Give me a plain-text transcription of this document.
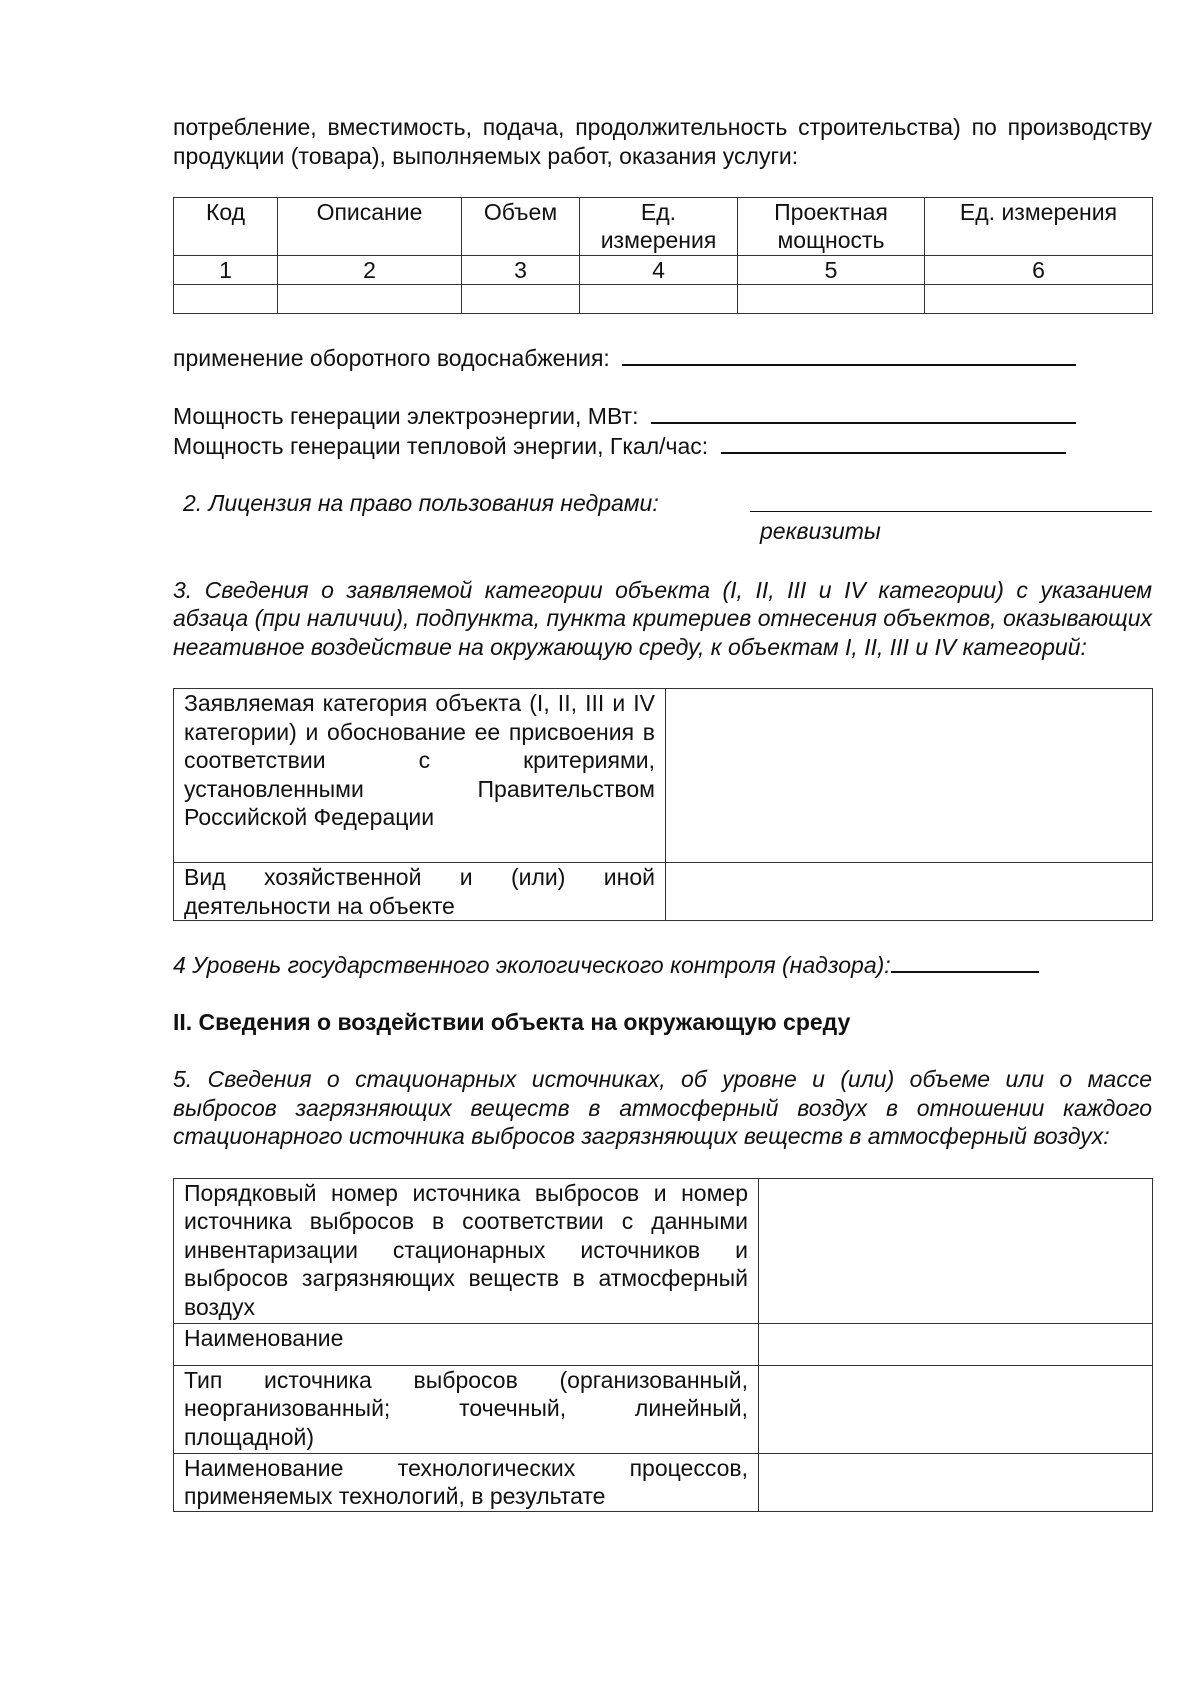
потребление, вместимость, подача, продолжительность строительства) по производству продукции (товара), выполняемых работ, оказания услуги:

Код	Описание	Объем	Ед. измерения	Проектная мощность	Ед. измерения
1	2	3	4	5	6

применение оборотного водоснабжения:
Мощность генерации электроэнергии, МВт:
Мощность генерации тепловой энергии, Гкал/час:
2. Лицензия на право пользования недрами:
реквизиты

3. Сведения о заявляемой категории объекта (I, II, III и IV категории) с указанием абзаца (при наличии), подпункта, пункта критериев отнесения объектов, оказывающих негативное воздействие на окружающую среду, к объектам I, II, III и IV категорий:

Заявляемая категория объекта (I, II, III и IV категории) и обоснование ее присвоения в соответствии с критериями, установленными Правительством Российской Федерации	
Вид хозяйственной и (или) иной деятельности на объекте	
4 Уровень государственного экологического контроля (надзора):

II. Сведения о воздействии объекта на окружающую среду

5. Сведения о стационарных источниках, об уровне и (или) объеме или о массе выбросов загрязняющих веществ в атмосферный воздух в отношении каждого стационарного источника выбросов загрязняющих веществ в атмосферный воздух:

Порядковый номер источника выбросов и номер источника выбросов в соответствии с данными инвентаризации стационарных источников и выбросов загрязняющих веществ в атмосферный воздух	
Наименование	
Тип источника выбросов (организованный, неорганизованный; точечный, линейный, площадной)	
Наименование технологических процессов, применяемых технологий, в результате	
